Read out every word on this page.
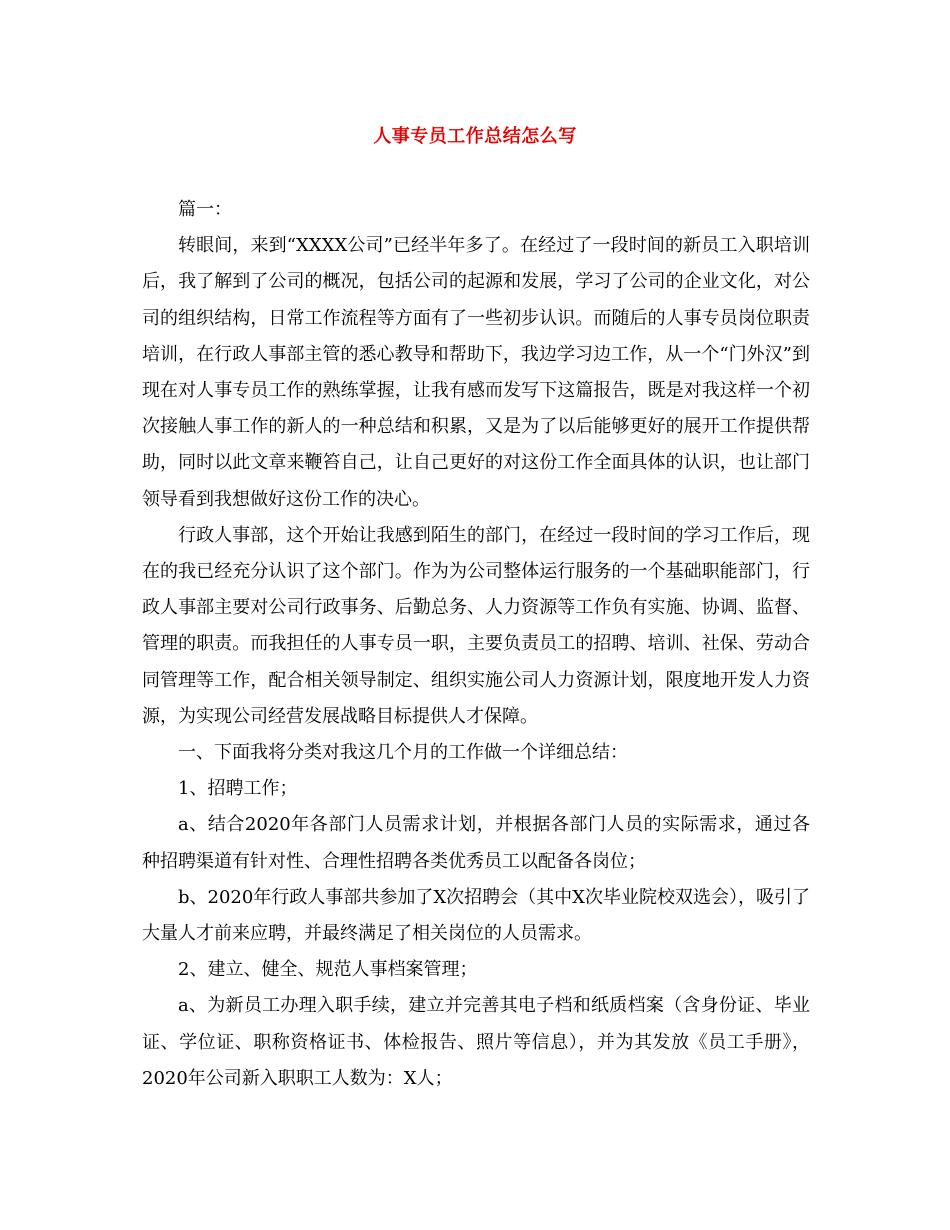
人事专员工作总结怎么写

篇一：

转眼间，来到“XXXX公司”已经半年多了。在经过了一段时间的新员工入职培训后，我了解到了公司的概况，包括公司的起源和发展，学习了公司的企业文化，对公司的组织结构，日常工作流程等方面有了一些初步认识。而随后的人事专员岗位职责培训，在行政人事部主管的悉心教导和帮助下，我边学习边工作，从一个“门外汉”到现在对人事专员工作的熟练掌握，让我有感而发写下这篇报告，既是对我这样一个初次接触人事工作的新人的一种总结和积累，又是为了以后能够更好的展开工作提供帮助，同时以此文章来鞭笞自己，让自己更好的对这份工作全面具体的认识，也让部门领导看到我想做好这份工作的决心。

行政人事部，这个开始让我感到陌生的部门，在经过一段时间的学习工作后，现在的我已经充分认识了这个部门。作为为公司整体运行服务的一个基础职能部门，行政人事部主要对公司行政事务、后勤总务、人力资源等工作负有实施、协调、监督、管理的职责。而我担任的人事专员一职，主要负责员工的招聘、培训、社保、劳动合同管理等工作，配合相关领导制定、组织实施公司人力资源计划，限度地开发人力资源，为实现公司经营发展战略目标提供人才保障。

一、下面我将分类对我这几个月的工作做一个详细总结：

1、招聘工作；

a、结合2020年各部门人员需求计划，并根据各部门人员的实际需求，通过各种招聘渠道有针对性、合理性招聘各类优秀员工以配备各岗位；

b、2020年行政人事部共参加了X次招聘会（其中X次毕业院校双选会），吸引了大量人才前来应聘，并最终满足了相关岗位的人员需求。

2、建立、健全、规范人事档案管理；

a、为新员工办理入职手续，建立并完善其电子档和纸质档案（含身份证、毕业证、学位证、职称资格证书、体检报告、照片等信息），并为其发放《员工手册》，2020年公司新入职职工人数为：X人；
